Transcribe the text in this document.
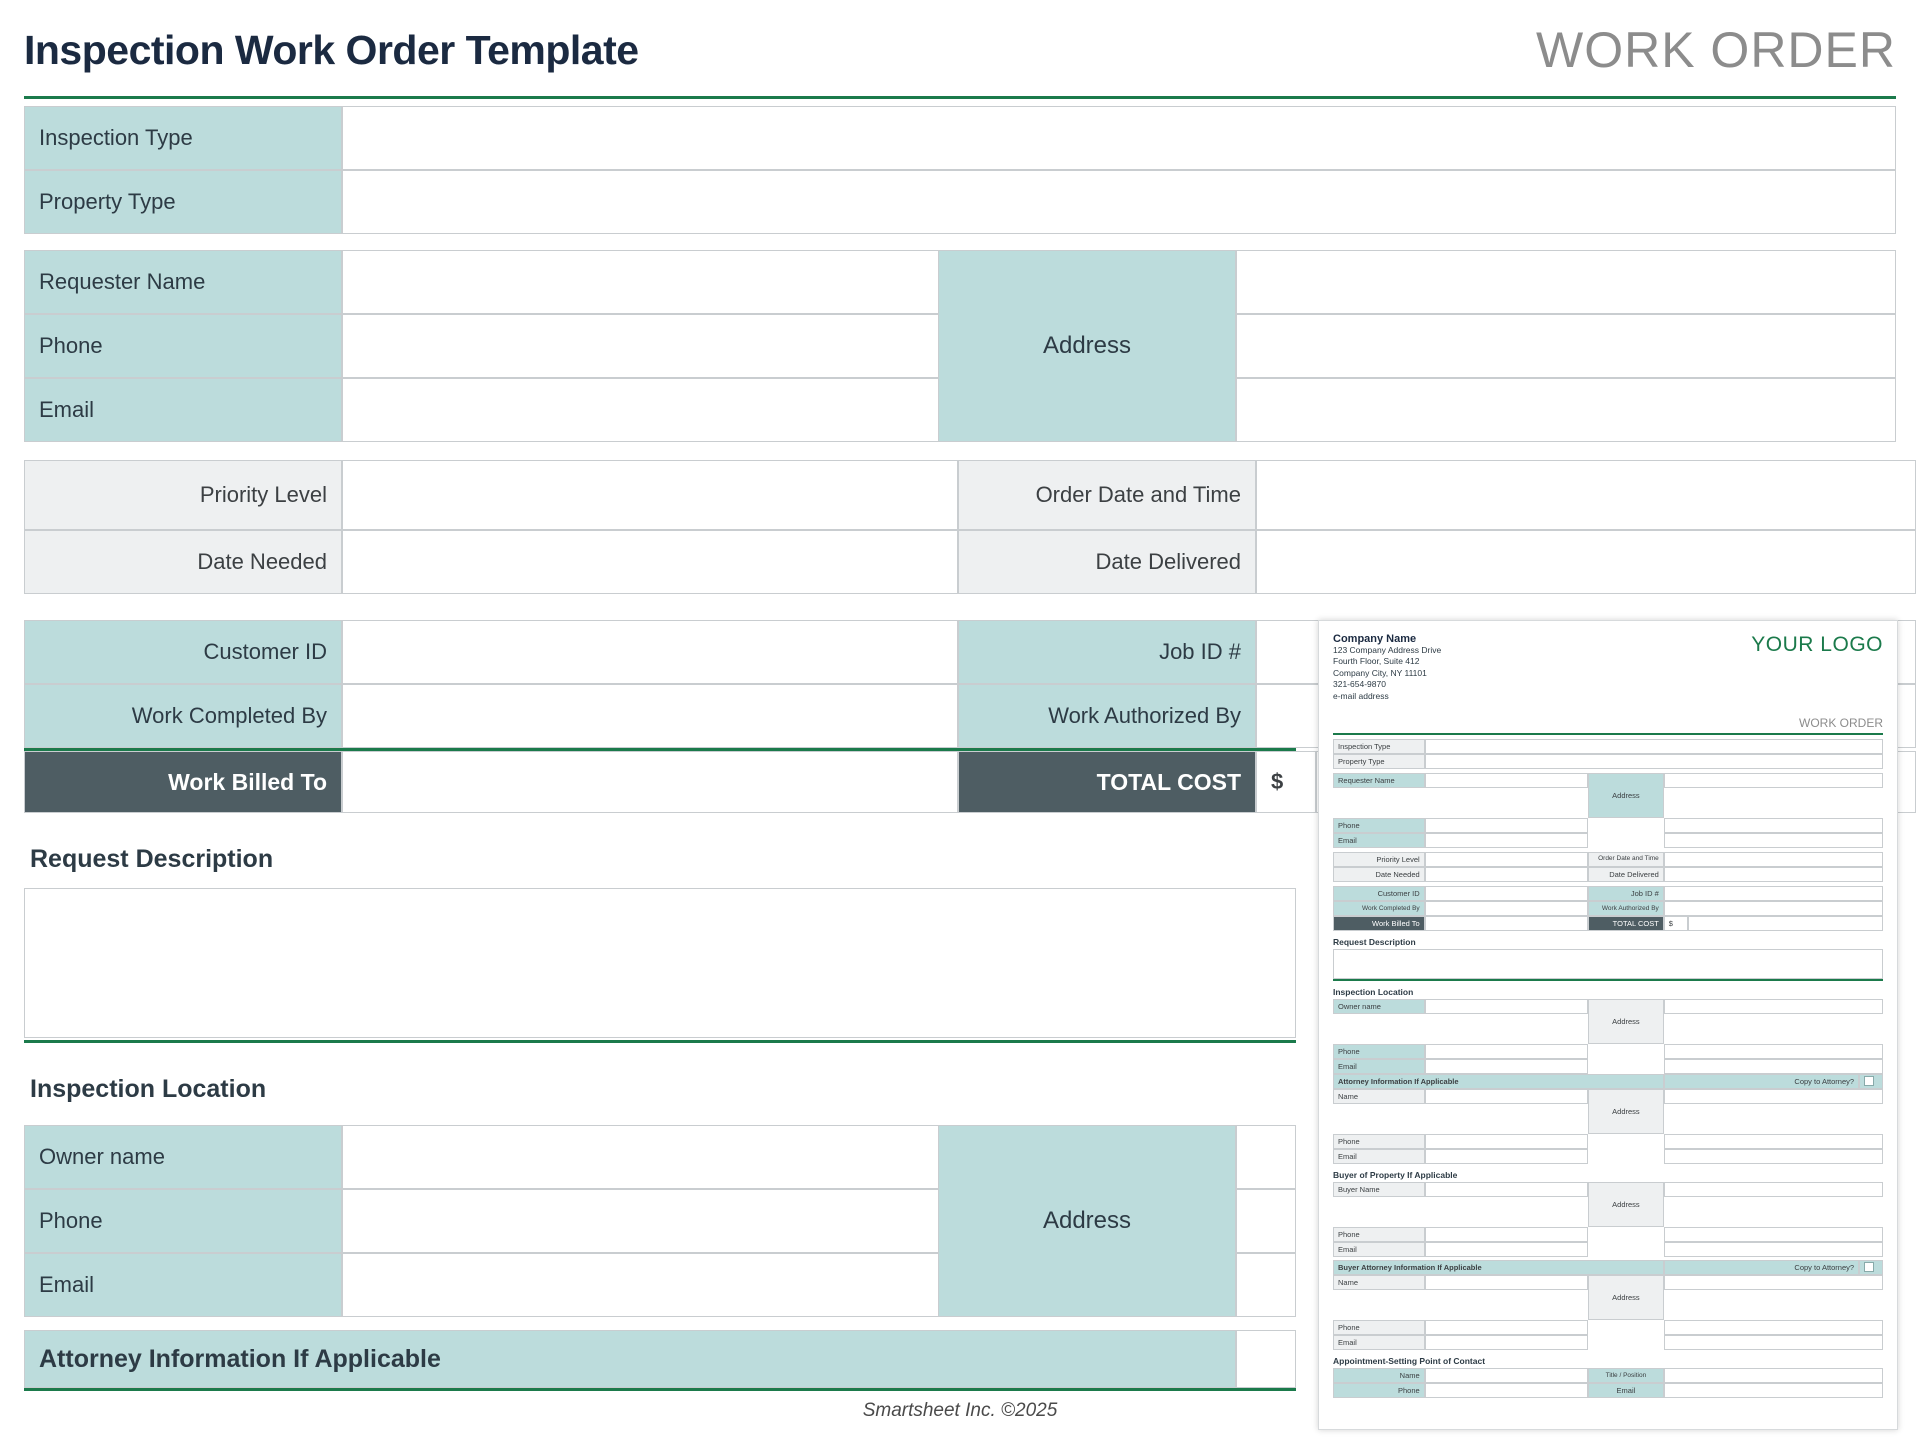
Inspection Work Order Template	WORK ORDER
Inspection Type
Property Type
Requester Name
Phone
Email
Address
Priority Level	Order Date and Time
Date Needed	Date Delivered
Customer ID	Job ID #
Work Completed By	Work Authorized By
Work Billed To	TOTAL COST	$
Request Description
Inspection Location
Owner name
Phone
Email
Address
Attorney Information If Applicable
Smartsheet Inc. ©2025
Company Name
123 Company Address Drive
Fourth Floor, Suite 412
Company City, NY 11101
321-654-9870
e-mail address
YOUR LOGO
WORK ORDER
Inspection Type
Property Type
Requester Name
Address
Phone
Email
Priority Level	Order Date and Time
Date Needed	Date Delivered
Customer ID	Job ID #
Work Completed By	Work Authorized By
Work Billed To	TOTAL COST	$
Request Description
Inspection Location
Owner name
Address
Phone
Email
Attorney Information If Applicable	Copy to Attorney?
Name
Address
Phone
Email
Buyer of Property If Applicable
Buyer Name
Address
Phone
Email
Buyer Attorney Information If Applicable	Copy to Attorney?
Name
Address
Phone
Email
Appointment-Setting Point of Contact
Name	Title / Position
Phone	Email
